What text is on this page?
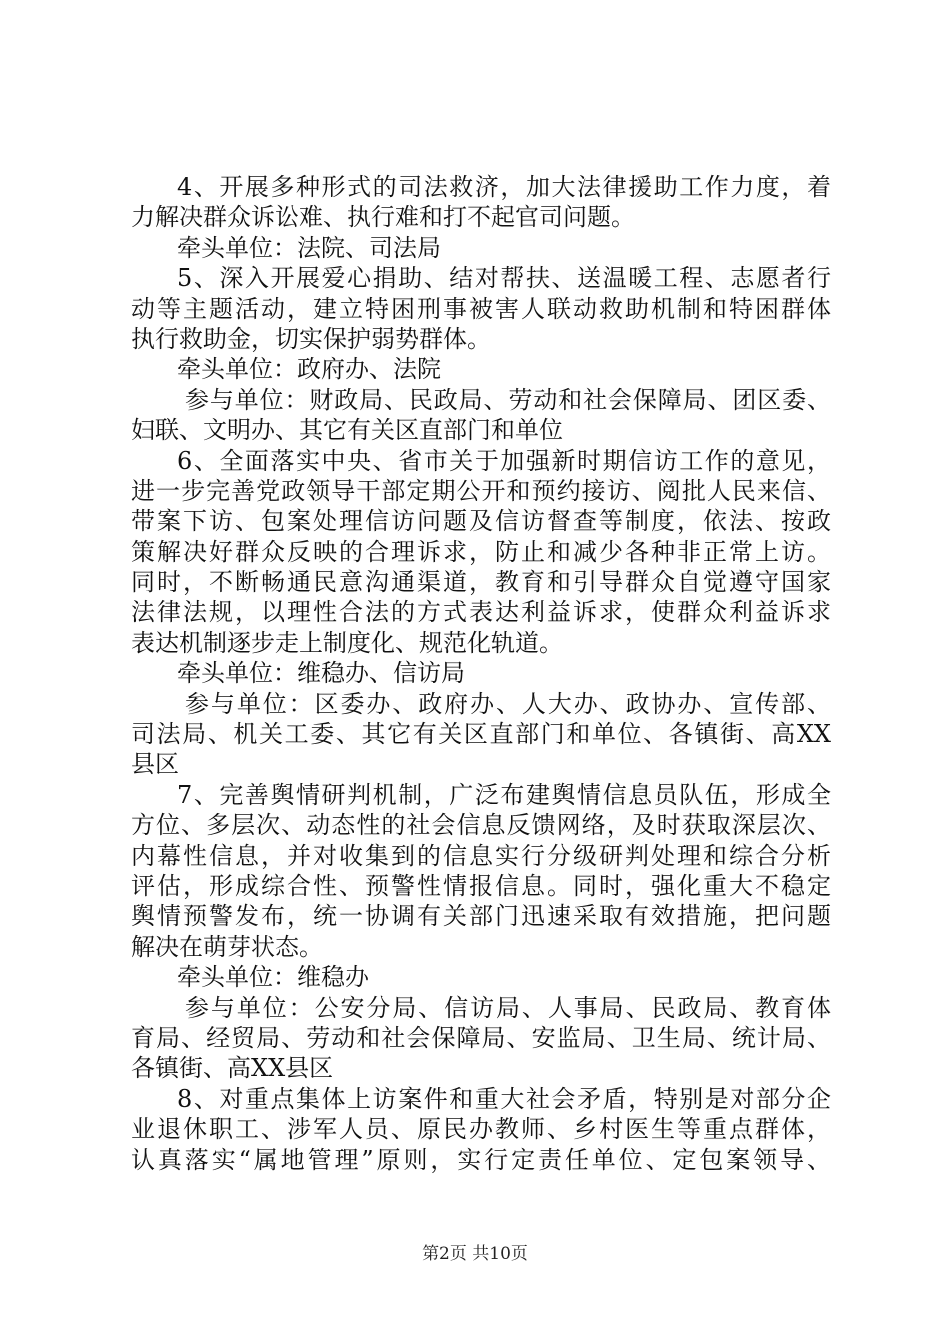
4、开展多种形式的司法救济，加大法律援助工作力度，着
力解决群众诉讼难、执行难和打不起官司问题。
牵头单位：法院、司法局
5、深入开展爱心捐助、结对帮扶、送温暖工程、志愿者行
动等主题活动，建立特困刑事被害人联动救助机制和特困群体
执行救助金，切实保护弱势群体。
牵头单位：政府办、法院
参与单位：财政局、民政局、劳动和社会保障局、团区委、
妇联、文明办、其它有关区直部门和单位
6、全面落实中央、省市关于加强新时期信访工作的意见，
进一步完善党政领导干部定期公开和预约接访、阅批人民来信、
带案下访、包案处理信访问题及信访督查等制度，依法、按政
策解决好群众反映的合理诉求，防止和减少各种非正常上访。
同时，不断畅通民意沟通渠道，教育和引导群众自觉遵守国家
法律法规，以理性合法的方式表达利益诉求，使群众利益诉求
表达机制逐步走上制度化、规范化轨道。
牵头单位：维稳办、信访局
参与单位：区委办、政府办、人大办、政协办、宣传部、
司法局、机关工委、其它有关区直部门和单位、各镇街、高XX
县区
7、完善舆情研判机制，广泛布建舆情信息员队伍，形成全
方位、多层次、动态性的社会信息反馈网络，及时获取深层次、
内幕性信息，并对收集到的信息实行分级研判处理和综合分析
评估，形成综合性、预警性情报信息。同时，强化重大不稳定
舆情预警发布，统一协调有关部门迅速采取有效措施，把问题
解决在萌芽状态。
牵头单位：维稳办
参与单位：公安分局、信访局、人事局、民政局、教育体
育局、经贸局、劳动和社会保障局、安监局、卫生局、统计局、
各镇街、高XX县区
8、对重点集体上访案件和重大社会矛盾，特别是对部分企
业退休职工、涉军人员、原民办教师、乡村医生等重点群体，
认真落实“属地管理”原则，实行定责任单位、定包案领导、
第2页 共10页
